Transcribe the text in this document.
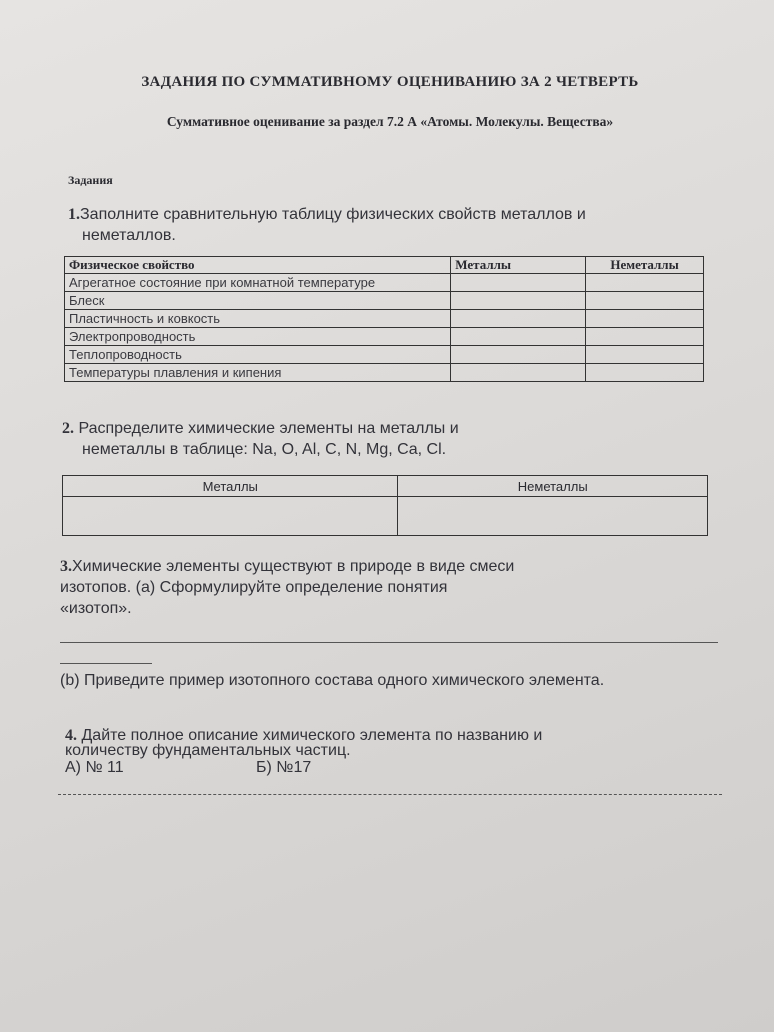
ЗАДАНИЯ ПО СУММАТИВНОМУ ОЦЕНИВАНИЮ ЗА 2 ЧЕТВЕРТЬ
Суммативное оценивание за раздел 7.2 А «Атомы. Молекулы. Вещества»
Задания
1.Заполните сравнительную таблицу физических свойств металлов и
неметаллов.
Физическое свойство	Металлы	Неметаллы
Агрегатное состояние при комнатной температуре		
Блеск		
Пластичность и ковкость		
Электропроводность		
Теплопроводность		
Температуры плавления и кипения		
2. Распределите химические элементы на металлы и
неметаллы в таблице: Na, O, Al, C, N, Mg, Ca, Cl.
Металлы	Неметаллы

3.Химические элементы существуют в природе в виде смеси
изотопов. (а) Сформулируйте определение понятия
«изотоп».
(b) Приведите пример изотопного состава одного химического элемента.
4. Дайте полное описание химического элемента по названию и
количеству фундаментальных частиц.
А) № 11	Б) №17
